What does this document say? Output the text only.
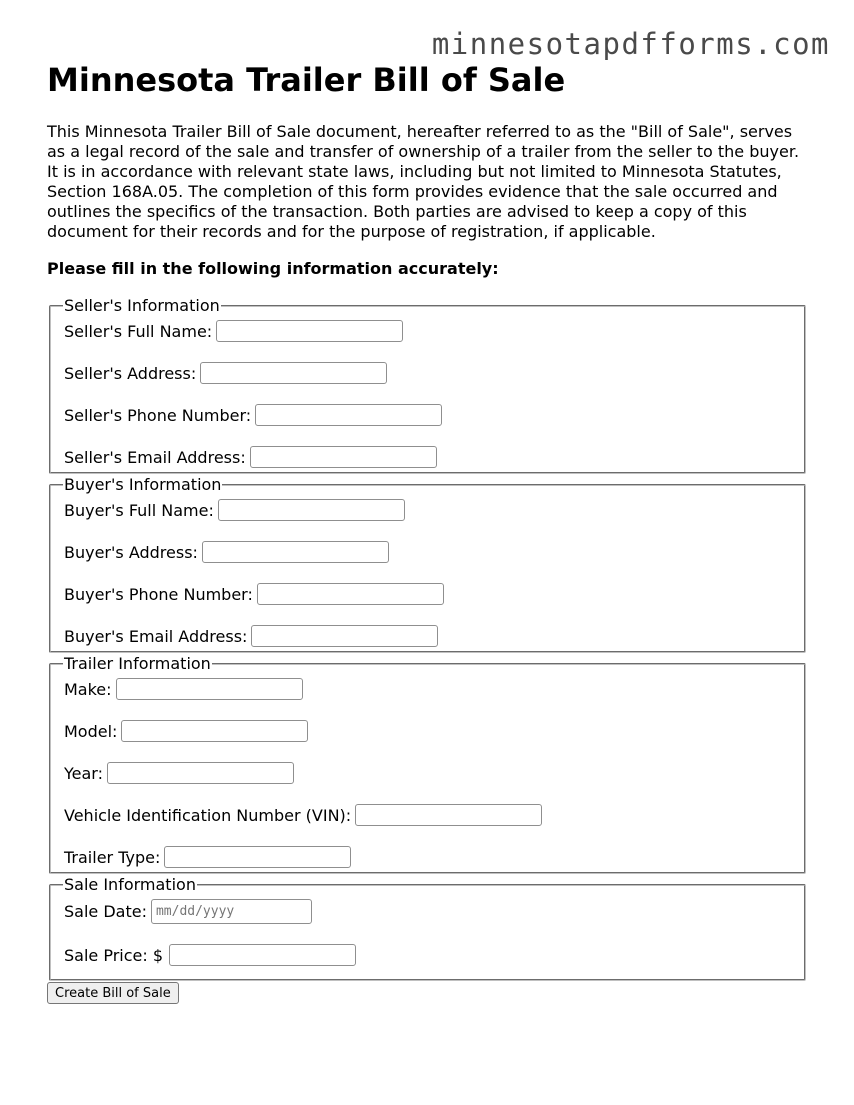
minnesotapdfforms.com
Minnesota Trailer Bill of Sale

This Minnesota Trailer Bill of Sale document, hereafter referred to as the "Bill of Sale", serves as a legal record of the sale and transfer of ownership of a trailer from the seller to the buyer. It is in accordance with relevant state laws, including but not limited to Minnesota Statutes, Section 168A.05. The completion of this form provides evidence that the sale occurred and outlines the specifics of the transaction. Both parties are advised to keep a copy of this document for their records and for the purpose of registration, if applicable.

Please fill in the following information accurately:

Seller's Information
Seller's Full Name:
Seller's Address:
Seller's Phone Number:
Seller's Email Address:
Buyer's Information
Buyer's Full Name:
Buyer's Address:
Buyer's Phone Number:
Buyer's Email Address:
Trailer Information
Make:
Model:
Year:
Vehicle Identification Number (VIN):
Trailer Type:
Sale Information
Sale Date:
mm/dd/yyyy
Sale Price: $
Create Bill of Sale
